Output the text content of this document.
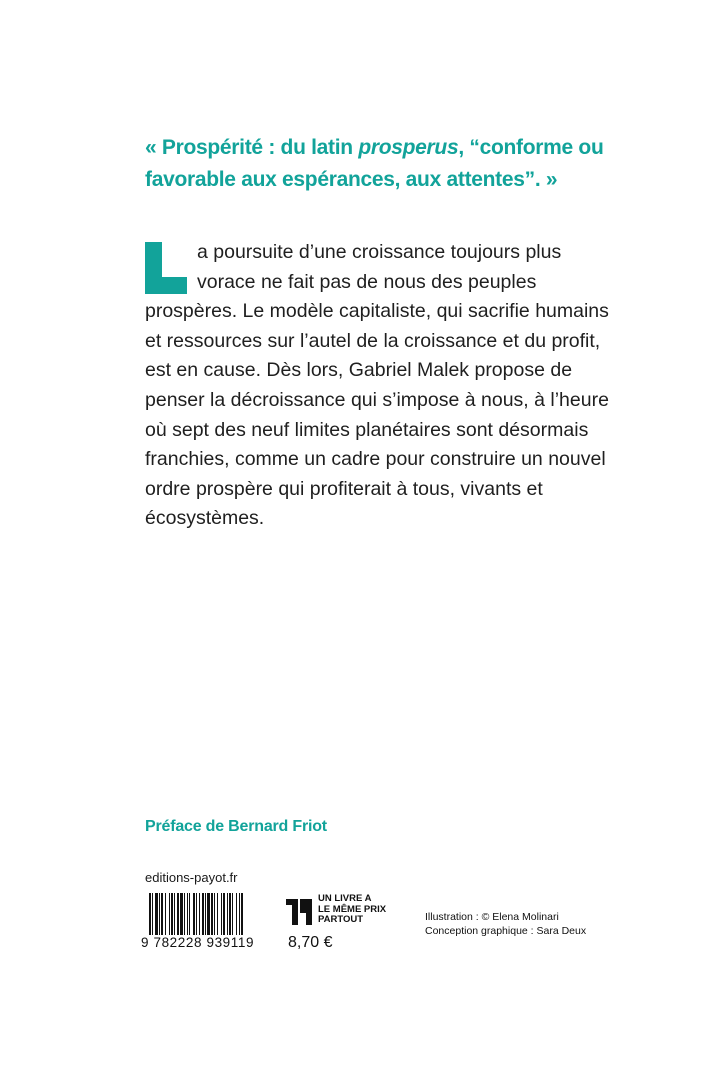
« Prospérité : du latin prosperus, “conforme ou favorable aux espérances, aux attentes”. »
a poursuite d’une croissance toujours plus vorace ne fait pas de nous des peuples prospères. Le modèle capitaliste, qui sacrifie humains et ressources sur l’autel de la croissance et du profit, est en cause. Dès lors, Gabriel Malek propose de penser la décroissance qui s’impose à nous, à l’heure où sept des neuf limites planétaires sont désormais franchies, comme un cadre pour construire un nouvel ordre prospère qui profiterait à tous, vivants et écosystèmes.
Préface de Bernard Friot
editions-payot.fr
9 782228 939119
UN LIVRE A
LE MÊME PRIX
PARTOUT
8,70 €
Illustration : © Elena Molinari
Conception graphique : Sara Deux
